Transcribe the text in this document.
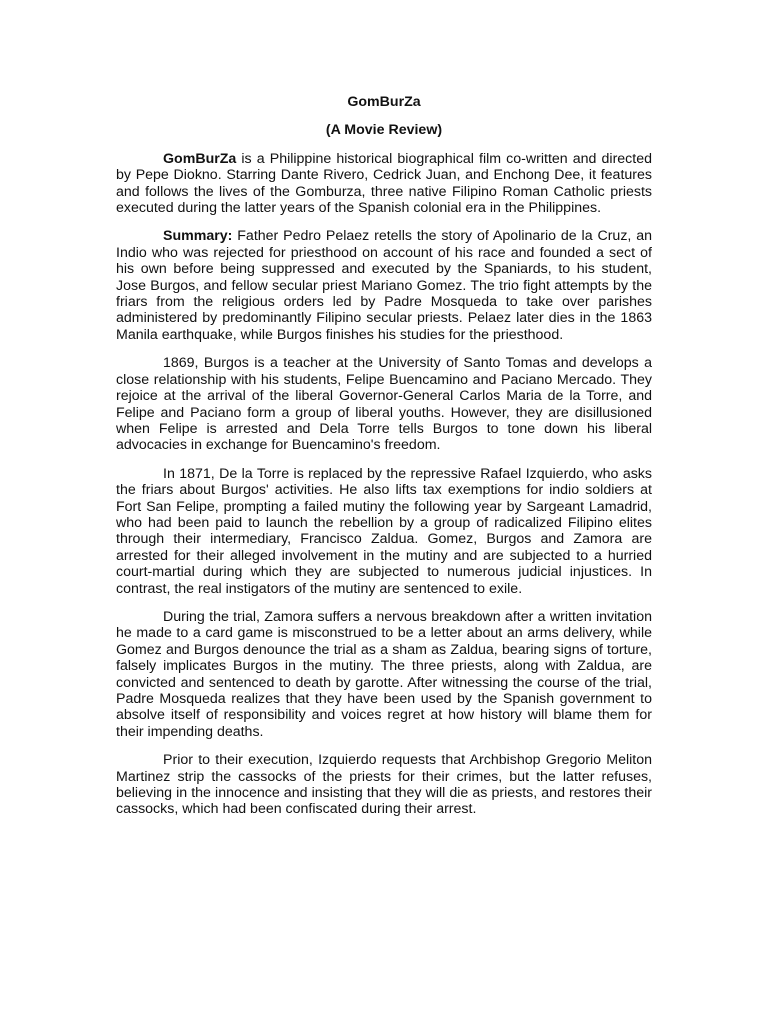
GomBurZa
(A Movie Review)

GomBurZa is a Philippine historical biographical film co-written and directed by Pepe Diokno. Starring Dante Rivero, Cedrick Juan, and Enchong Dee, it features and follows the lives of the Gomburza, three native Filipino Roman Catholic priests executed during the latter years of the Spanish colonial era in the Philippines.

Summary: Father Pedro Pelaez retells the story of Apolinario de la Cruz, an Indio who was rejected for priesthood on account of his race and founded a sect of his own before being suppressed and executed by the Spaniards, to his student, Jose Burgos, and fellow secular priest Mariano Gomez. The trio fight attempts by the friars from the religious orders led by Padre Mosqueda to take over parishes administered by predominantly Filipino secular priests. Pelaez later dies in the 1863 Manila earthquake, while Burgos finishes his studies for the priesthood.

1869, Burgos is a teacher at the University of Santo Tomas and develops a close relationship with his students, Felipe Buencamino and Paciano Mercado. They rejoice at the arrival of the liberal Governor-General Carlos Maria de la Torre, and Felipe and Paciano form a group of liberal youths. However, they are disillusioned when Felipe is arrested and Dela Torre tells Burgos to tone down his liberal advocacies in exchange for Buencamino's freedom.

In 1871, De la Torre is replaced by the repressive Rafael Izquierdo, who asks the friars about Burgos' activities. He also lifts tax exemptions for indio soldiers at Fort San Felipe, prompting a failed mutiny the following year by Sargeant Lamadrid, who had been paid to launch the rebellion by a group of radicalized Filipino elites through their intermediary, Francisco Zaldua. Gomez, Burgos and Zamora are arrested for their alleged involvement in the mutiny and are subjected to a hurried court-martial during which they are subjected to numerous judicial injustices. In contrast, the real instigators of the mutiny are sentenced to exile.

During the trial, Zamora suffers a nervous breakdown after a written invitation he made to a card game is misconstrued to be a letter about an arms delivery, while Gomez and Burgos denounce the trial as a sham as Zaldua, bearing signs of torture, falsely implicates Burgos in the mutiny. The three priests, along with Zaldua, are convicted and sentenced to death by garotte. After witnessing the course of the trial, Padre Mosqueda realizes that they have been used by the Spanish government to absolve itself of responsibility and voices regret at how history will blame them for their impending deaths.

Prior to their execution, Izquierdo requests that Archbishop Gregorio Meliton Martinez strip the cassocks of the priests for their crimes, but the latter refuses, believing in the innocence and insisting that they will die as priests, and restores their cassocks, which had been confiscated during their arrest.
